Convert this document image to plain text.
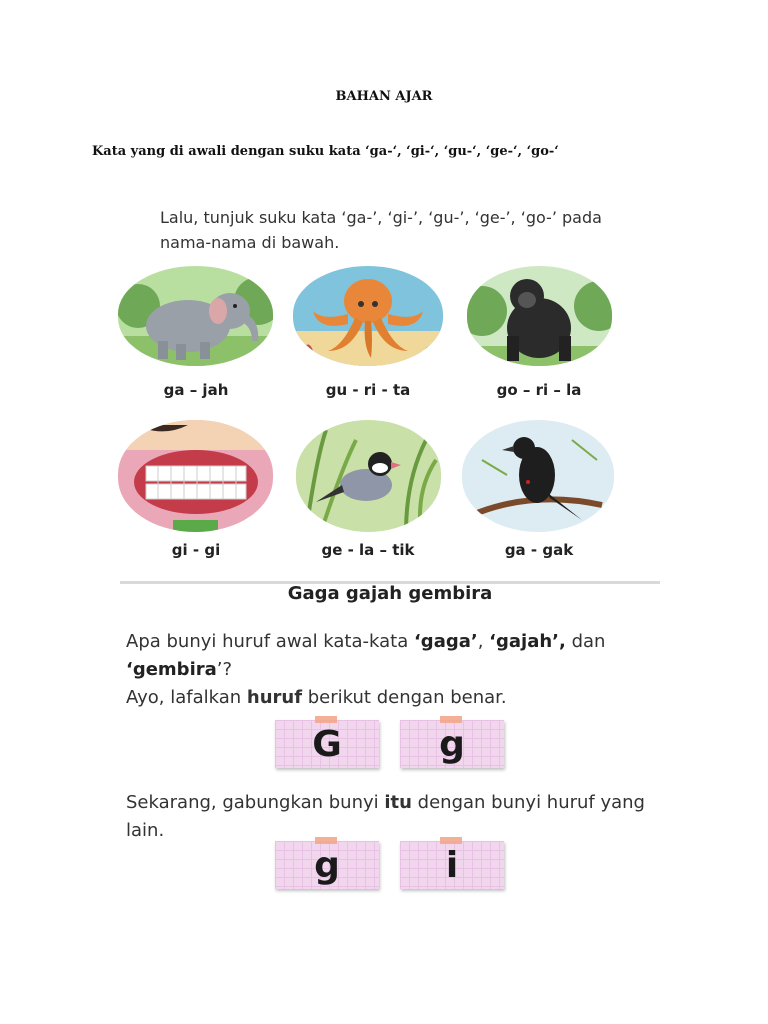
BAHAN AJAR
Kata yang di awali dengan suku kata ‘ga-‘, ‘gi-‘, ‘gu-‘, ‘ge-‘, ‘go-‘
Lalu, tunjuk suku kata ‘ga-’, ‘gi-’, ‘gu-’, ‘ge-’, ‘go-’ pada
nama-nama di bawah.
ga – jah	gu - ri - ta	go – ri – la
gi - gi	ge - la – tik	ga - gak
Gaga gajah gembira
Apa bunyi huruf awal kata-kata ‘gaga’, ‘gajah’, dan
‘gembira’?
Ayo, lafalkan huruf berikut dengan benar.
G	g
Sekarang, gabungkan bunyi itu dengan bunyi huruf yang
lain.
g	i
